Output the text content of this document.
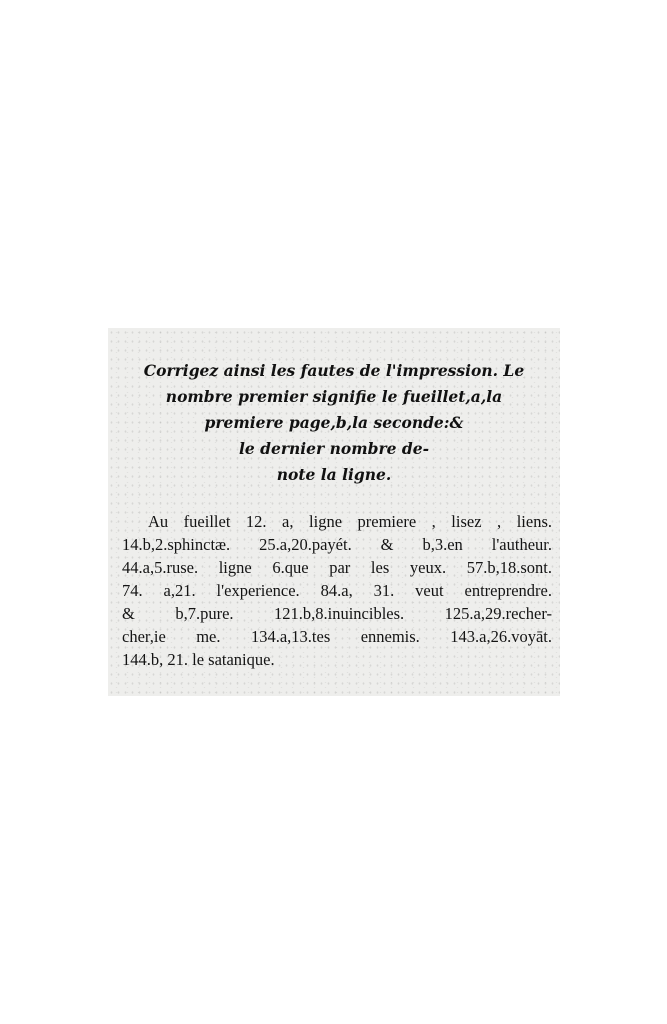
Corrigez ainsi les fautes de l'impression. Le
nombre premier signifie le fueillet,a,la
premiere page,b,la seconde:&
le dernier nombre de-
note la ligne.
Au fueillet 12. a, ligne premiere , lisez , liens.
14.b,2.sphinctæ. 25.a,20.payét. & b,3.en l'autheur.
44.a,5.ruse. ligne 6.que par les yeux. 57.b,18.sont.
74. a,21. l'experience. 84.a, 31. veut entreprendre.
& b,7.pure. 121.b,8.inuincibles. 125.a,29.recher-
cher,ie me. 134.a,13.tes ennemis. 143.a,26.voyāt.
144.b, 21. le satanique.
